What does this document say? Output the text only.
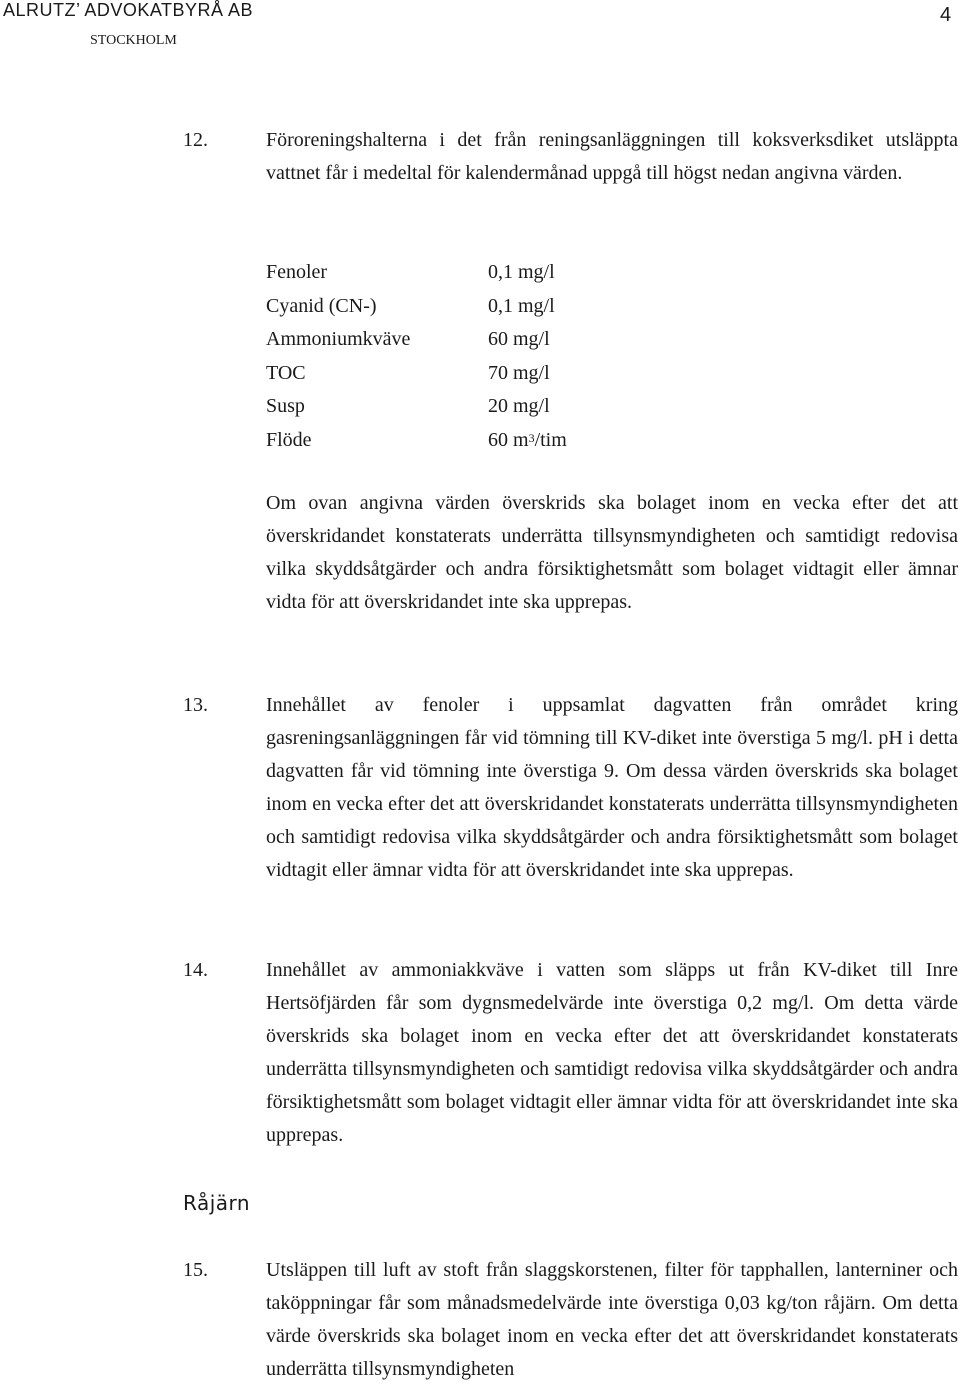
ALRUTZ’ ADVOKATBYRÅ AB
STOCKHOLM
4
12.	Föroreningshalterna i det från reningsanläggningen till koksverksdiket utsläppta vattnet får i medeltal för kalendermånad uppgå till högst nedan angivna värden.
Fenoler	0,1 mg/l
Cyanid (CN-)	0,1 mg/l
Ammoniumkväve	60 mg/l
TOC	70 mg/l
Susp	20 mg/l
Flöde	60 $m^3$/tim
Om ovan angivna värden överskrids ska bolaget inom en vecka efter det att överskridandet konstaterats underrätta tillsynsmyndigheten och samtidigt redovisa vilka skyddsåtgärder och andra försiktighetsmått som bolaget vidtagit eller ämnar vidta för att överskridandet inte ska upprepas.
13.	Innehållet av fenoler i uppsamlat dagvatten från området kring gasreningsanläggningen får vid tömning till KV-diket inte överstiga 5 mg/l. pH i detta dagvatten får vid tömning inte överstiga 9. Om dessa värden överskrids ska bolaget inom en vecka efter det att överskridandet konstaterats underrätta tillsynsmyndigheten och samtidigt redovisa vilka skyddsåtgärder och andra försiktighetsmått som bolaget vidtagit eller ämnar vidta för att överskridandet inte ska upprepas.
14.	Innehållet av ammoniakkväve i vatten som släpps ut från KV-diket till Inre Hertsöfjärden får som dygnsmedelvärde inte överstiga 0,2 mg/l. Om detta värde överskrids ska bolaget inom en vecka efter det att överskridandet konstaterats underrätta tillsynsmyndigheten och samtidigt redovisa vilka skyddsåtgärder och andra försiktighetsmått som bolaget vidtagit eller ämnar vidta för att överskridandet inte ska upprepas.
Råjärn
15.	Utsläppen till luft av stoft från slaggskorstenen, filter för tapphallen, lanterniner och taköppningar får som månadsmedelvärde inte överstiga 0,03 kg/ton råjärn. Om detta värde överskrids ska bolaget inom en vecka efter det att överskridandet konstaterats underrätta tillsynsmyndigheten
